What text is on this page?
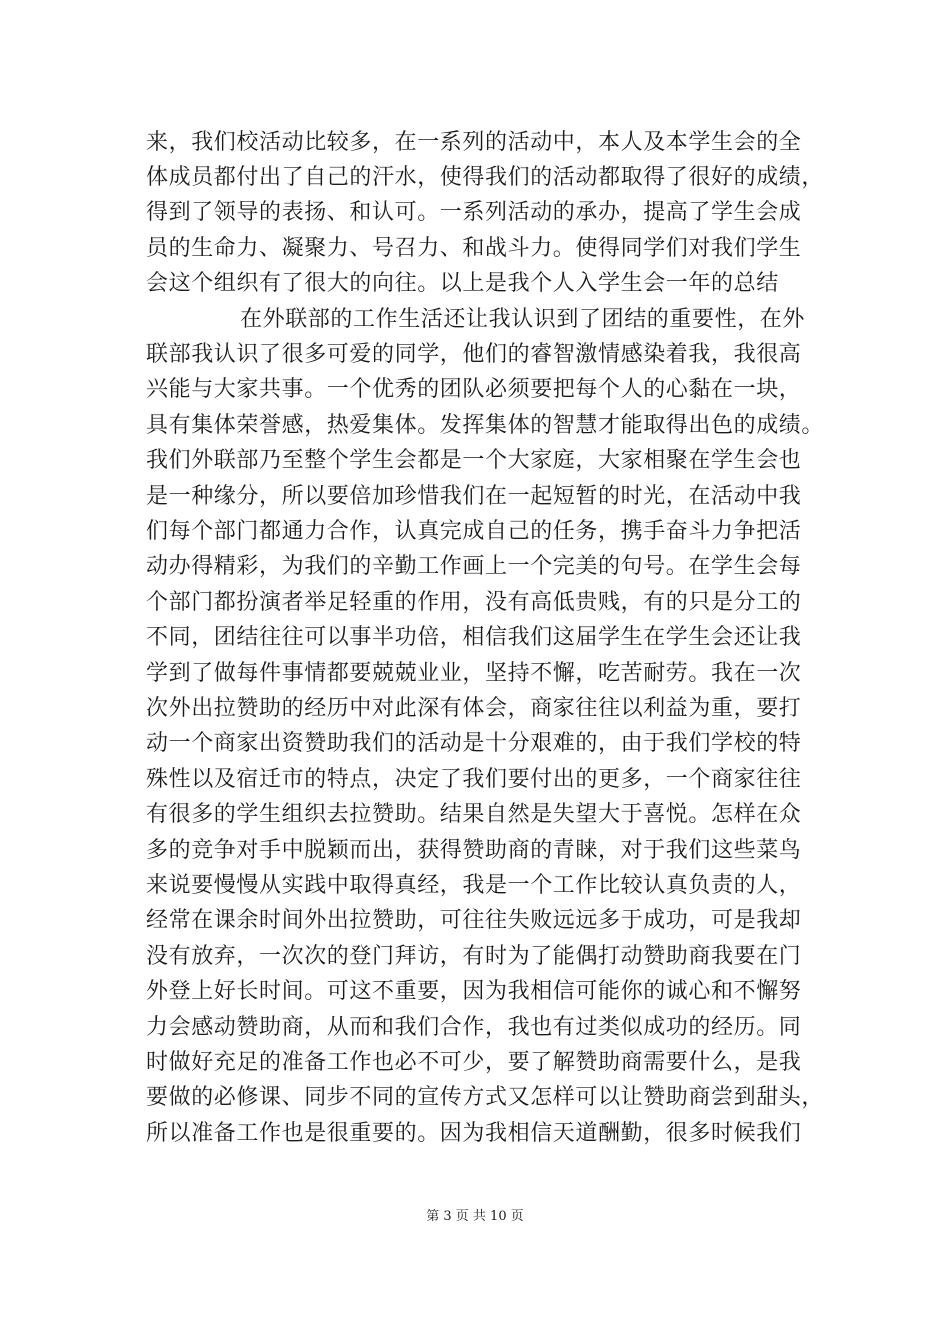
来，我们校活动比较多，在一系列的活动中，本人及本学生会的全
体成员都付出了自己的汗水，使得我们的活动都取得了很好的成绩，
得到了领导的表扬、和认可。一系列活动的承办，提高了学生会成
员的生命力、凝聚力、号召力、和战斗力。使得同学们对我们学生
会这个组织有了很大的向往。以上是我个人入学生会一年的总结
在外联部的工作生活还让我认识到了团结的重要性，在外
联部我认识了很多可爱的同学，他们的睿智激情感染着我，我很高
兴能与大家共事。一个优秀的团队必须要把每个人的心黏在一块，
具有集体荣誉感，热爱集体。发挥集体的智慧才能取得出色的成绩。
我们外联部乃至整个学生会都是一个大家庭，大家相聚在学生会也
是一种缘分，所以要倍加珍惜我们在一起短暂的时光，在活动中我
们每个部门都通力合作，认真完成自己的任务，携手奋斗力争把活
动办得精彩，为我们的辛勤工作画上一个完美的句号。在学生会每
个部门都扮演者举足轻重的作用，没有高低贵贱，有的只是分工的
不同，团结往往可以事半功倍，相信我们这届学生在学生会还让我
学到了做每件事情都要兢兢业业，坚持不懈，吃苦耐劳。我在一次
次外出拉赞助的经历中对此深有体会，商家往往以利益为重，要打
动一个商家出资赞助我们的活动是十分艰难的，由于我们学校的特
殊性以及宿迁市的特点，决定了我们要付出的更多，一个商家往往
有很多的学生组织去拉赞助。结果自然是失望大于喜悦。怎样在众
多的竞争对手中脱颖而出，获得赞助商的青睐，对于我们这些菜鸟
来说要慢慢从实践中取得真经，我是一个工作比较认真负责的人，
经常在课余时间外出拉赞助，可往往失败远远多于成功，可是我却
没有放弃，一次次的登门拜访，有时为了能偶打动赞助商我要在门
外登上好长时间。可这不重要，因为我相信可能你的诚心和不懈努
力会感动赞助商，从而和我们合作，我也有过类似成功的经历。同
时做好充足的准备工作也必不可少，要了解赞助商需要什么，是我
要做的必修课、同步不同的宣传方式又怎样可以让赞助商尝到甜头，
所以准备工作也是很重要的。因为我相信天道酬勤，很多时候我们
第 3 页 共 10 页
